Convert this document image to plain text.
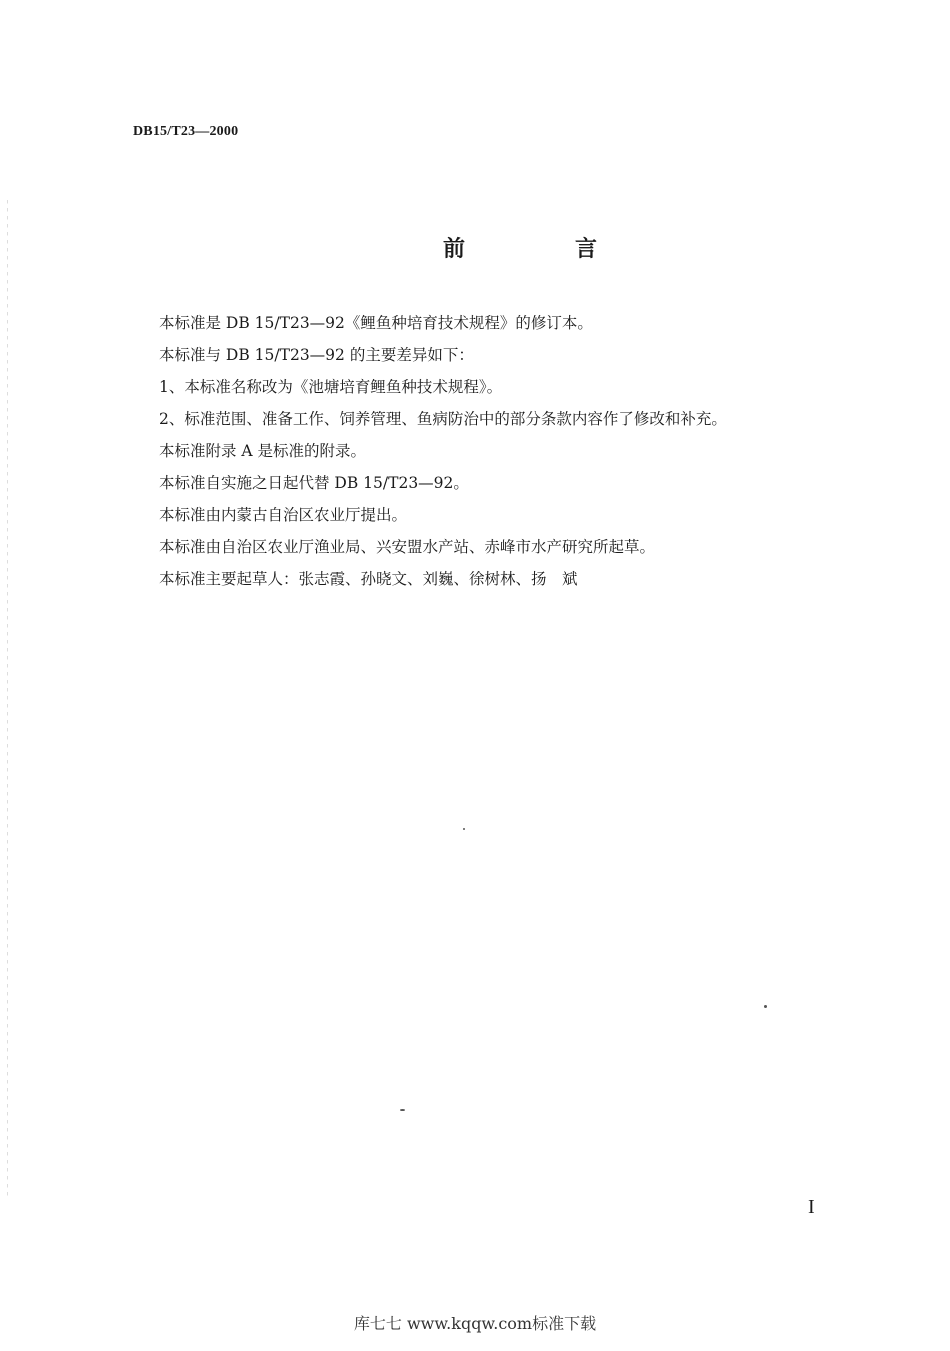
DB15/T23—2000
前　言
本标准是 DB 15/T23—92《鲤鱼种培育技术规程》的修订本。
本标准与 DB 15/T23—92 的主要差异如下：
1、本标准名称改为《池塘培育鲤鱼种技术规程》。
2、标准范围、准备工作、饲养管理、鱼病防治中的部分条款内容作了修改和补充。
本标准附录 A 是标准的附录。
本标准自实施之日起代替 DB 15/T23—92。
本标准由内蒙古自治区农业厅提出。
本标准由自治区农业厅渔业局、兴安盟水产站、赤峰市水产研究所起草。
本标准主要起草人：张志霞、孙晓文、刘巍、徐树林、扬　斌
I
库七七 www.kqqw.com标准下载
